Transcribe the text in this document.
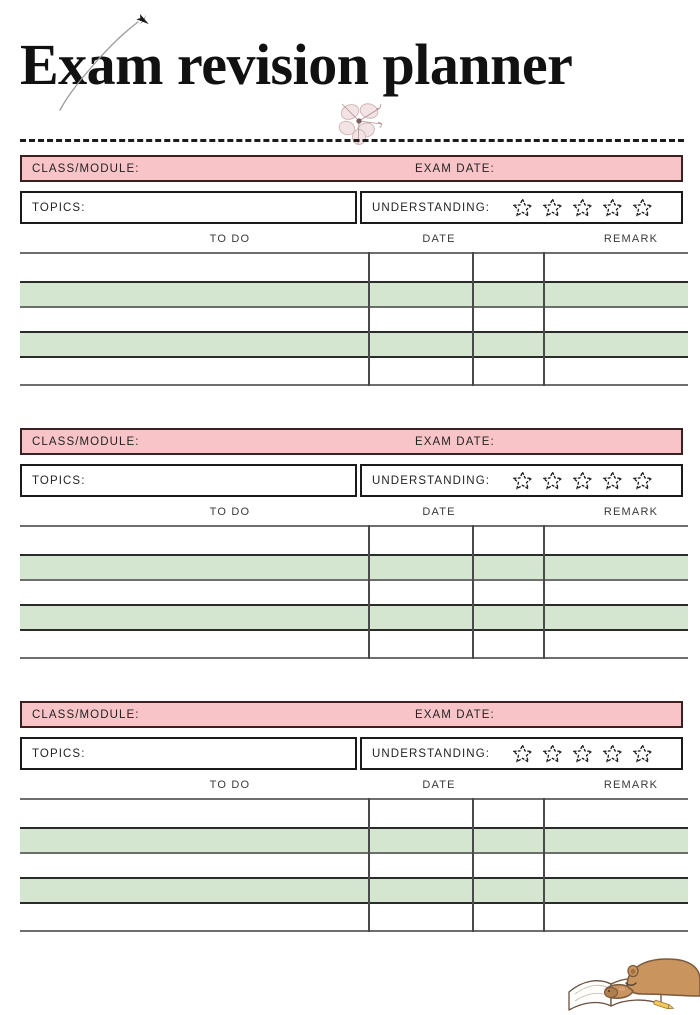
Exam revision planner
CLASS/MODULE:	EXAM DATE:
TOPICS:	UNDERSTANDING:
TO DO	DATE	REMARK
CLASS/MODULE:	EXAM DATE:
TOPICS:	UNDERSTANDING:
TO DO	DATE	REMARK
CLASS/MODULE:	EXAM DATE:
TOPICS:	UNDERSTANDING:
TO DO	DATE	REMARK
